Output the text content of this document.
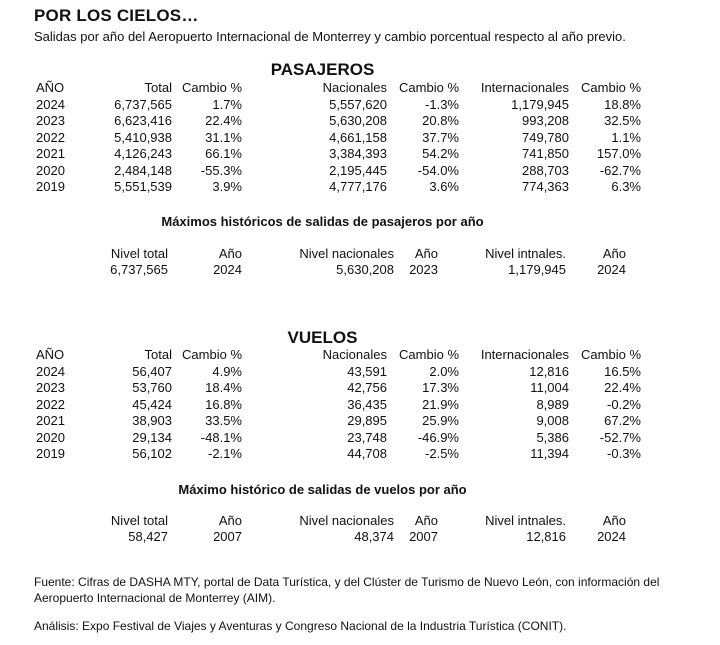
POR LOS CIELOS…
Salidas por año del Aeropuerto Internacional de Monterrey y cambio porcentual respecto al año previo.
PASAJEROS
AÑO	Total	Cambio %	Nacionales	Cambio %	Internacionales	Cambio %
2024	6,737,565	1.7%	5,557,620	-1.3%	1,179,945	18.8%
2023	6,623,416	22.4%	5,630,208	20.8%	993,208	32.5%
2022	5,410,938	31.1%	4,661,158	37.7%	749,780	1.1%
2021	4,126,243	66.1%	3,384,393	54.2%	741,850	157.0%
2020	2,484,148	-55.3%	2,195,445	-54.0%	288,703	-62.7%
2019	5,551,539	3.9%	4,777,176	3.6%	774,363	6.3%
Máximos históricos de salidas de pasajeros por año
Nivel total	Año	Nivel nacionales	Año	Nivel intnales.	Año
6,737,565	2024	5,630,208	2023	1,179,945	2024
VUELOS
AÑO	Total	Cambio %	Nacionales	Cambio %	Internacionales	Cambio %
2024	56,407	4.9%	43,591	2.0%	12,816	16.5%
2023	53,760	18.4%	42,756	17.3%	11,004	22.4%
2022	45,424	16.8%	36,435	21.9%	8,989	-0.2%
2021	38,903	33.5%	29,895	25.9%	9,008	67.2%
2020	29,134	-48.1%	23,748	-46.9%	5,386	-52.7%
2019	56,102	-2.1%	44,708	-2.5%	11,394	-0.3%
Máximo histórico de salidas de vuelos por año
Nivel total	Año	Nivel nacionales	Año	Nivel intnales.	Año
58,427	2007	48,374	2007	12,816	2024
Fuente: Cifras de DASHA MTY, portal de Data Turística, y del Clúster de Turismo de Nuevo León, con información del Aeropuerto Internacional de Monterrey (AIM).
Análisis: Expo Festival de Viajes y Aventuras y Congreso Nacional de la Industria Turística (CONIT).
